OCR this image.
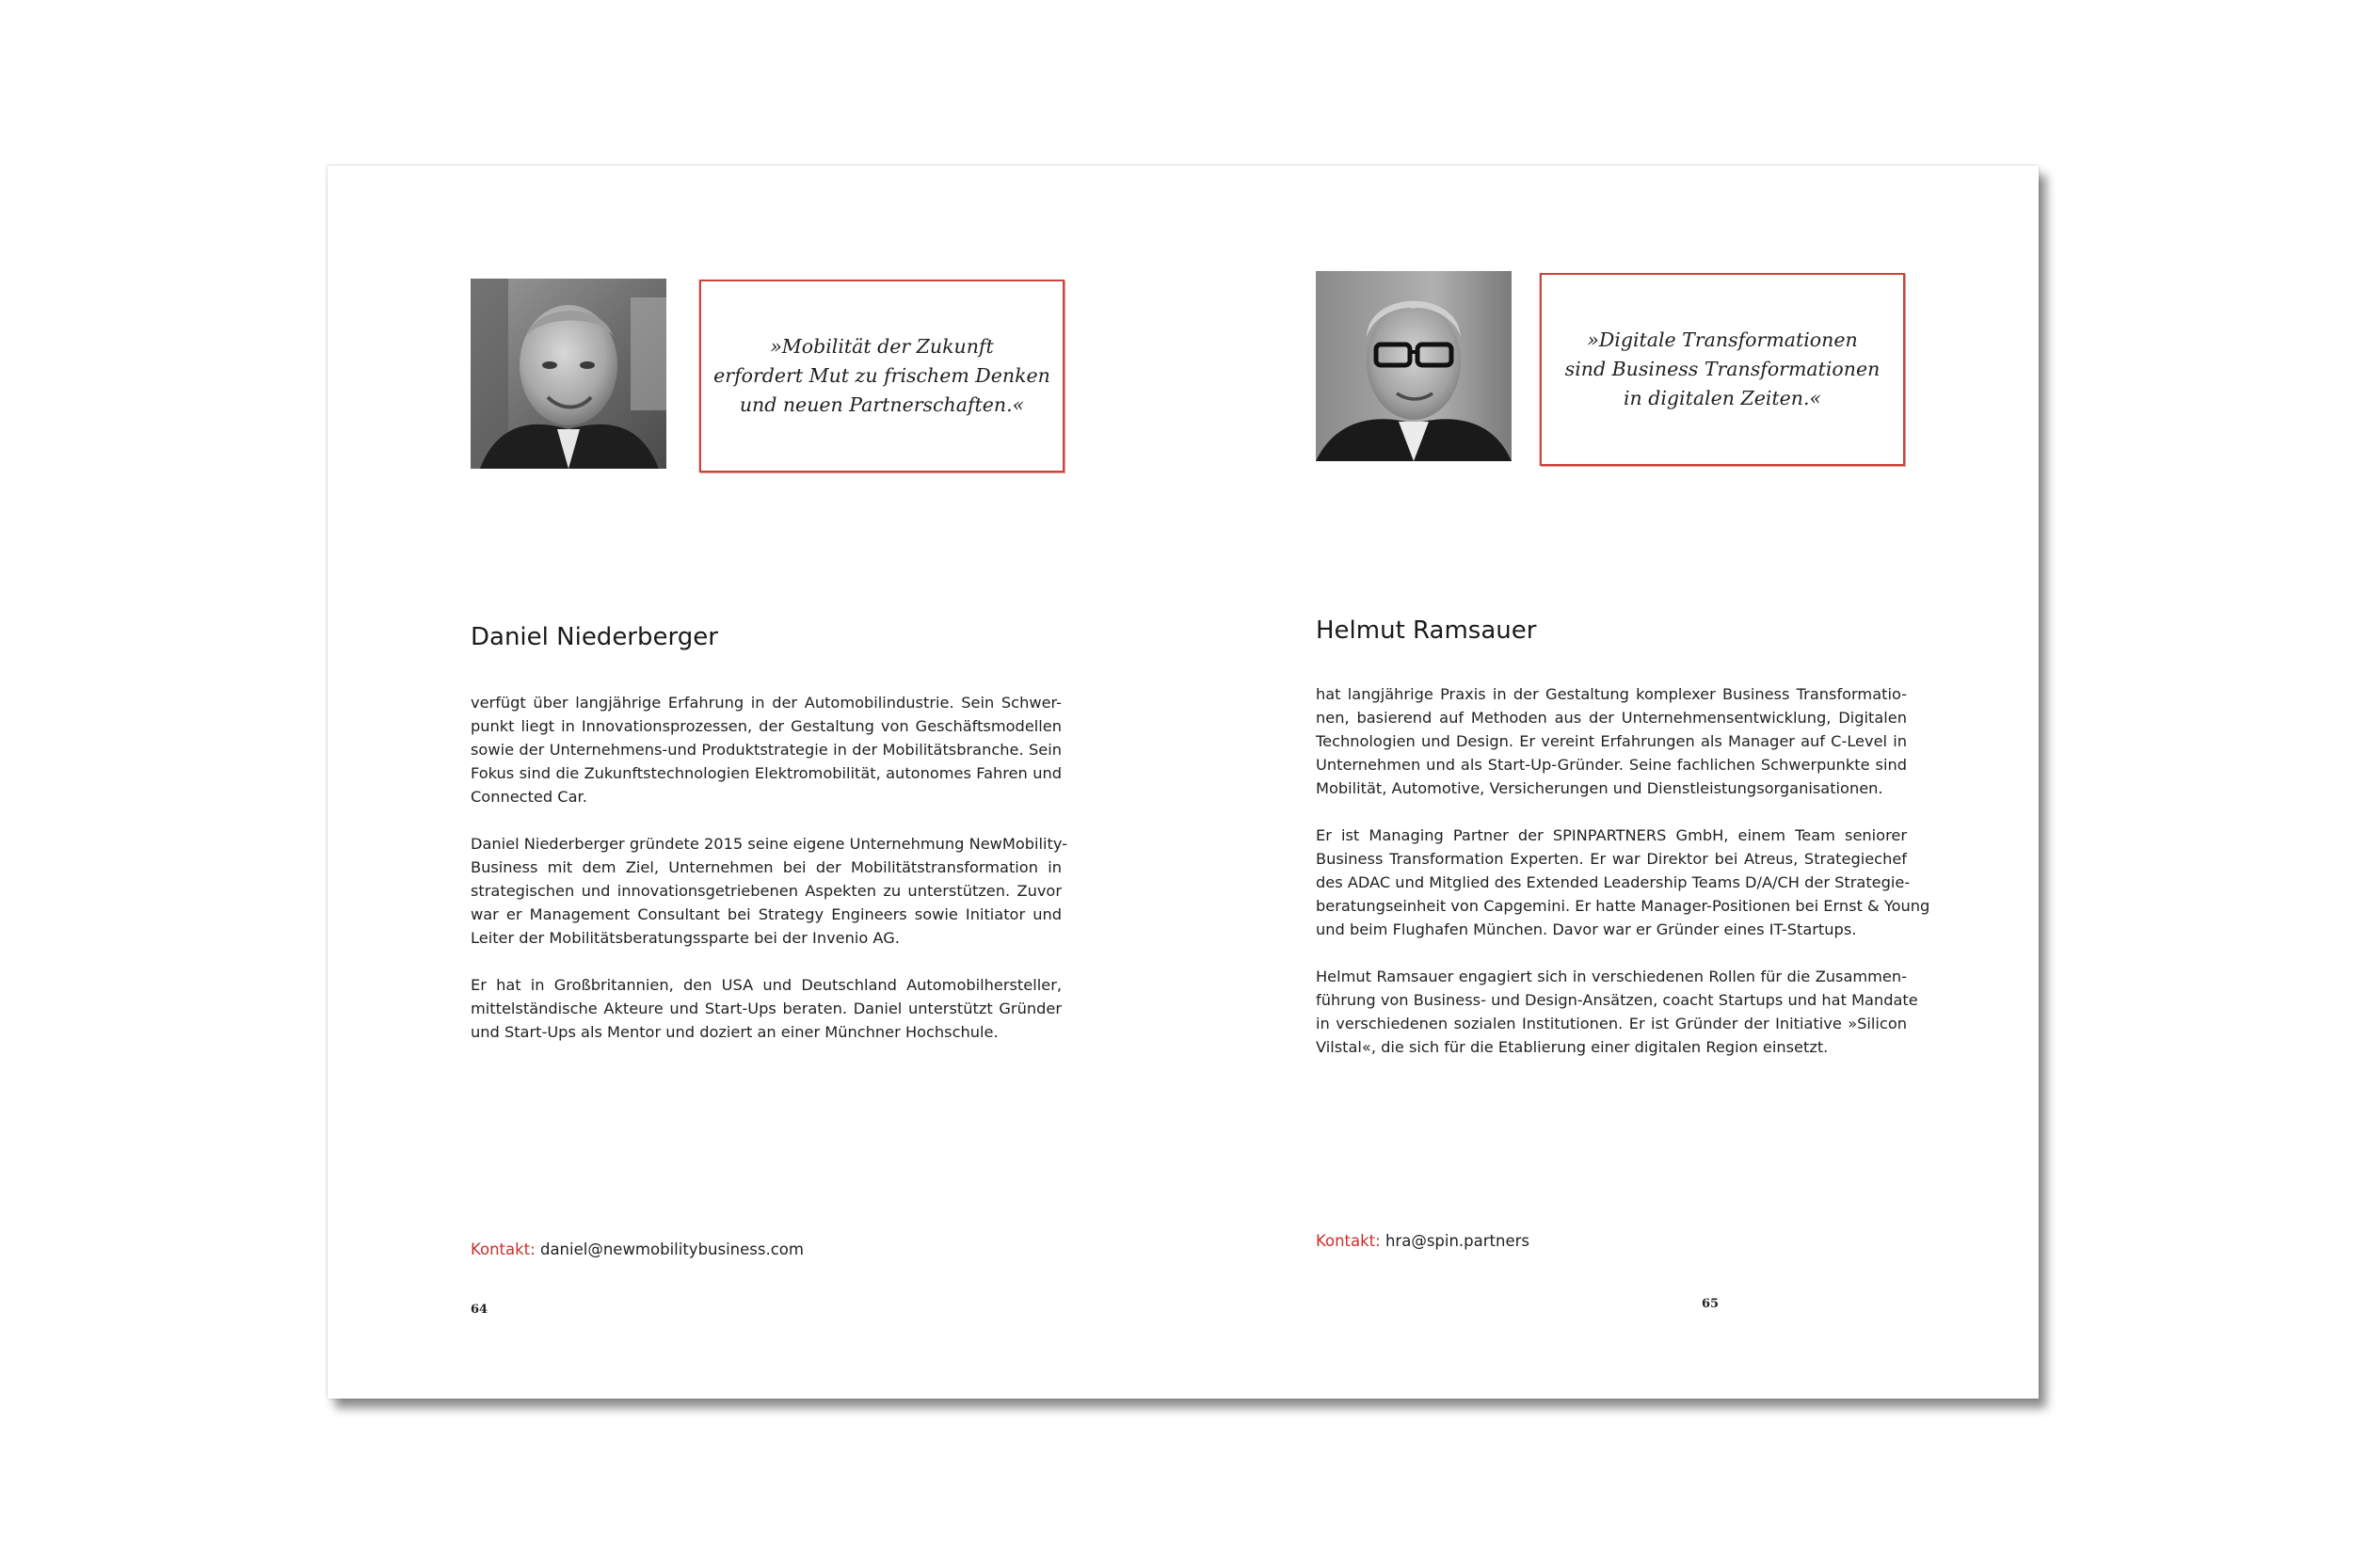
»Mobilität der Zukunft
erfordert Mut zu frischem Denken
und neuen Partnerschaften.«

Daniel Niederberger

verfügt über langjährige Erfahrung in der Automobilindustrie. Sein Schwer-
punkt liegt in Innovationsprozessen, der Gestaltung von Geschäftsmodellen
sowie der Unternehmens-und Produktstrategie in der Mobilitätsbranche. Sein
Fokus sind die Zukunftstechnologien Elektromobilität, autonomes Fahren und
Connected Car.

Daniel Niederberger gründete 2015 seine eigene Unternehmung NewMobility-
Business mit dem Ziel, Unternehmen bei der Mobilitätstransformation in
strategischen und innovationsgetriebenen Aspekten zu unterstützen. Zuvor
war er Management Consultant bei Strategy Engineers sowie Initiator und
Leiter der Mobilitätsberatungssparte bei der Invenio AG.

Er hat in Großbritannien, den USA und Deutschland Automobilhersteller,
mittelständische Akteure und Start-Ups beraten. Daniel unterstützt Gründer
und Start-Ups als Mentor und doziert an einer Münchner Hochschule.

Kontakt: daniel@newmobilitybusiness.com
64

»Digitale Transformationen
sind Business Transformationen
in digitalen Zeiten.«

Helmut Ramsauer

hat langjährige Praxis in der Gestaltung komplexer Business Transformatio-
nen, basierend auf Methoden aus der Unternehmensentwicklung, Digitalen
Technologien und Design. Er vereint Erfahrungen als Manager auf C-Level in
Unternehmen und als Start-Up-Gründer. Seine fachlichen Schwerpunkte sind
Mobilität, Automotive, Versicherungen und Dienstleistungsorganisationen.

Er ist Managing Partner der SPINPARTNERS GmbH, einem Team seniorer
Business Transformation Experten. Er war Direktor bei Atreus, Strategiechef
des ADAC und Mitglied des Extended Leadership Teams D/A/CH der Strategie-
beratungseinheit von Capgemini. Er hatte Manager-Positionen bei Ernst & Young
und beim Flughafen München. Davor war er Gründer eines IT-Startups.

Helmut Ramsauer engagiert sich in verschiedenen Rollen für die Zusammen-
führung von Business- und Design-Ansätzen, coacht Startups und hat Mandate
in verschiedenen sozialen Institutionen. Er ist Gründer der Initiative »Silicon
Vilstal«, die sich für die Etablierung einer digitalen Region einsetzt.

Kontakt: hra@spin.partners
65
